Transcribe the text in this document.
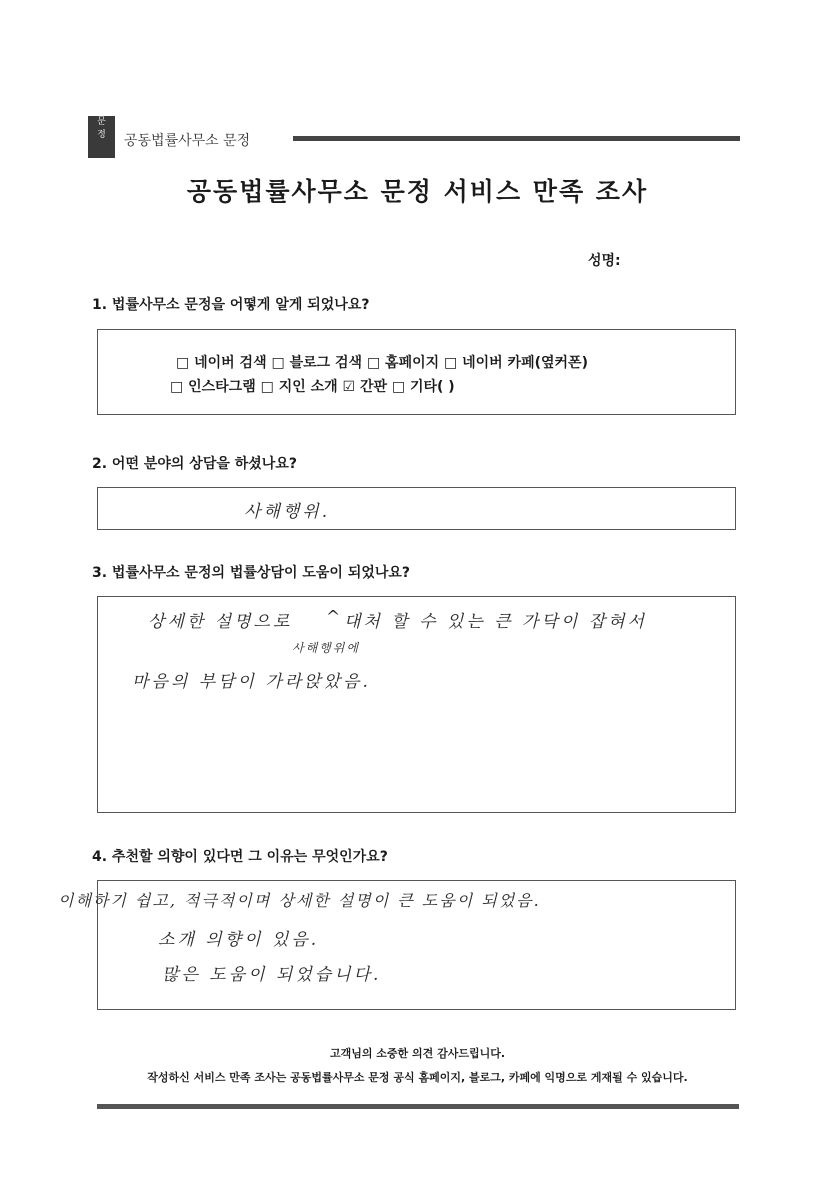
문
정	공동법률사무소 문정
공동법률사무소 문정 서비스 만족 조사
성명:
1. 법률사무소 문정을 어떻게 알게 되었나요?
□ 네이버 검색 □ 블로그 검색 □ 홈페이지 □ 네이버 카페(옆커폰)
□ 인스타그램 □ 지인 소개 ☑ 간판 □ 기타( )
2. 어떤 분야의 상담을 하셨나요?
사해행위.
3. 법률사무소 문정의 법률상담이 도움이 되었나요?
상세한 설명으로 ^ 대처 할 수 있는 큰 가닥이 잡혀서
사해행위에
마음의 부담이 가라앉았음.
4. 추천할 의향이 있다면 그 이유는 무엇인가요?
이해하기 쉽고, 적극적이며 상세한 설명이 큰 도움이 되었음.
소개 의향이 있음.
많은 도움이 되었습니다.
고객님의 소중한 의견 감사드립니다.
작성하신 서비스 만족 조사는 공동법률사무소 문정 공식 홈페이지, 블로그, 카페에 익명으로 게재될 수 있습니다.
